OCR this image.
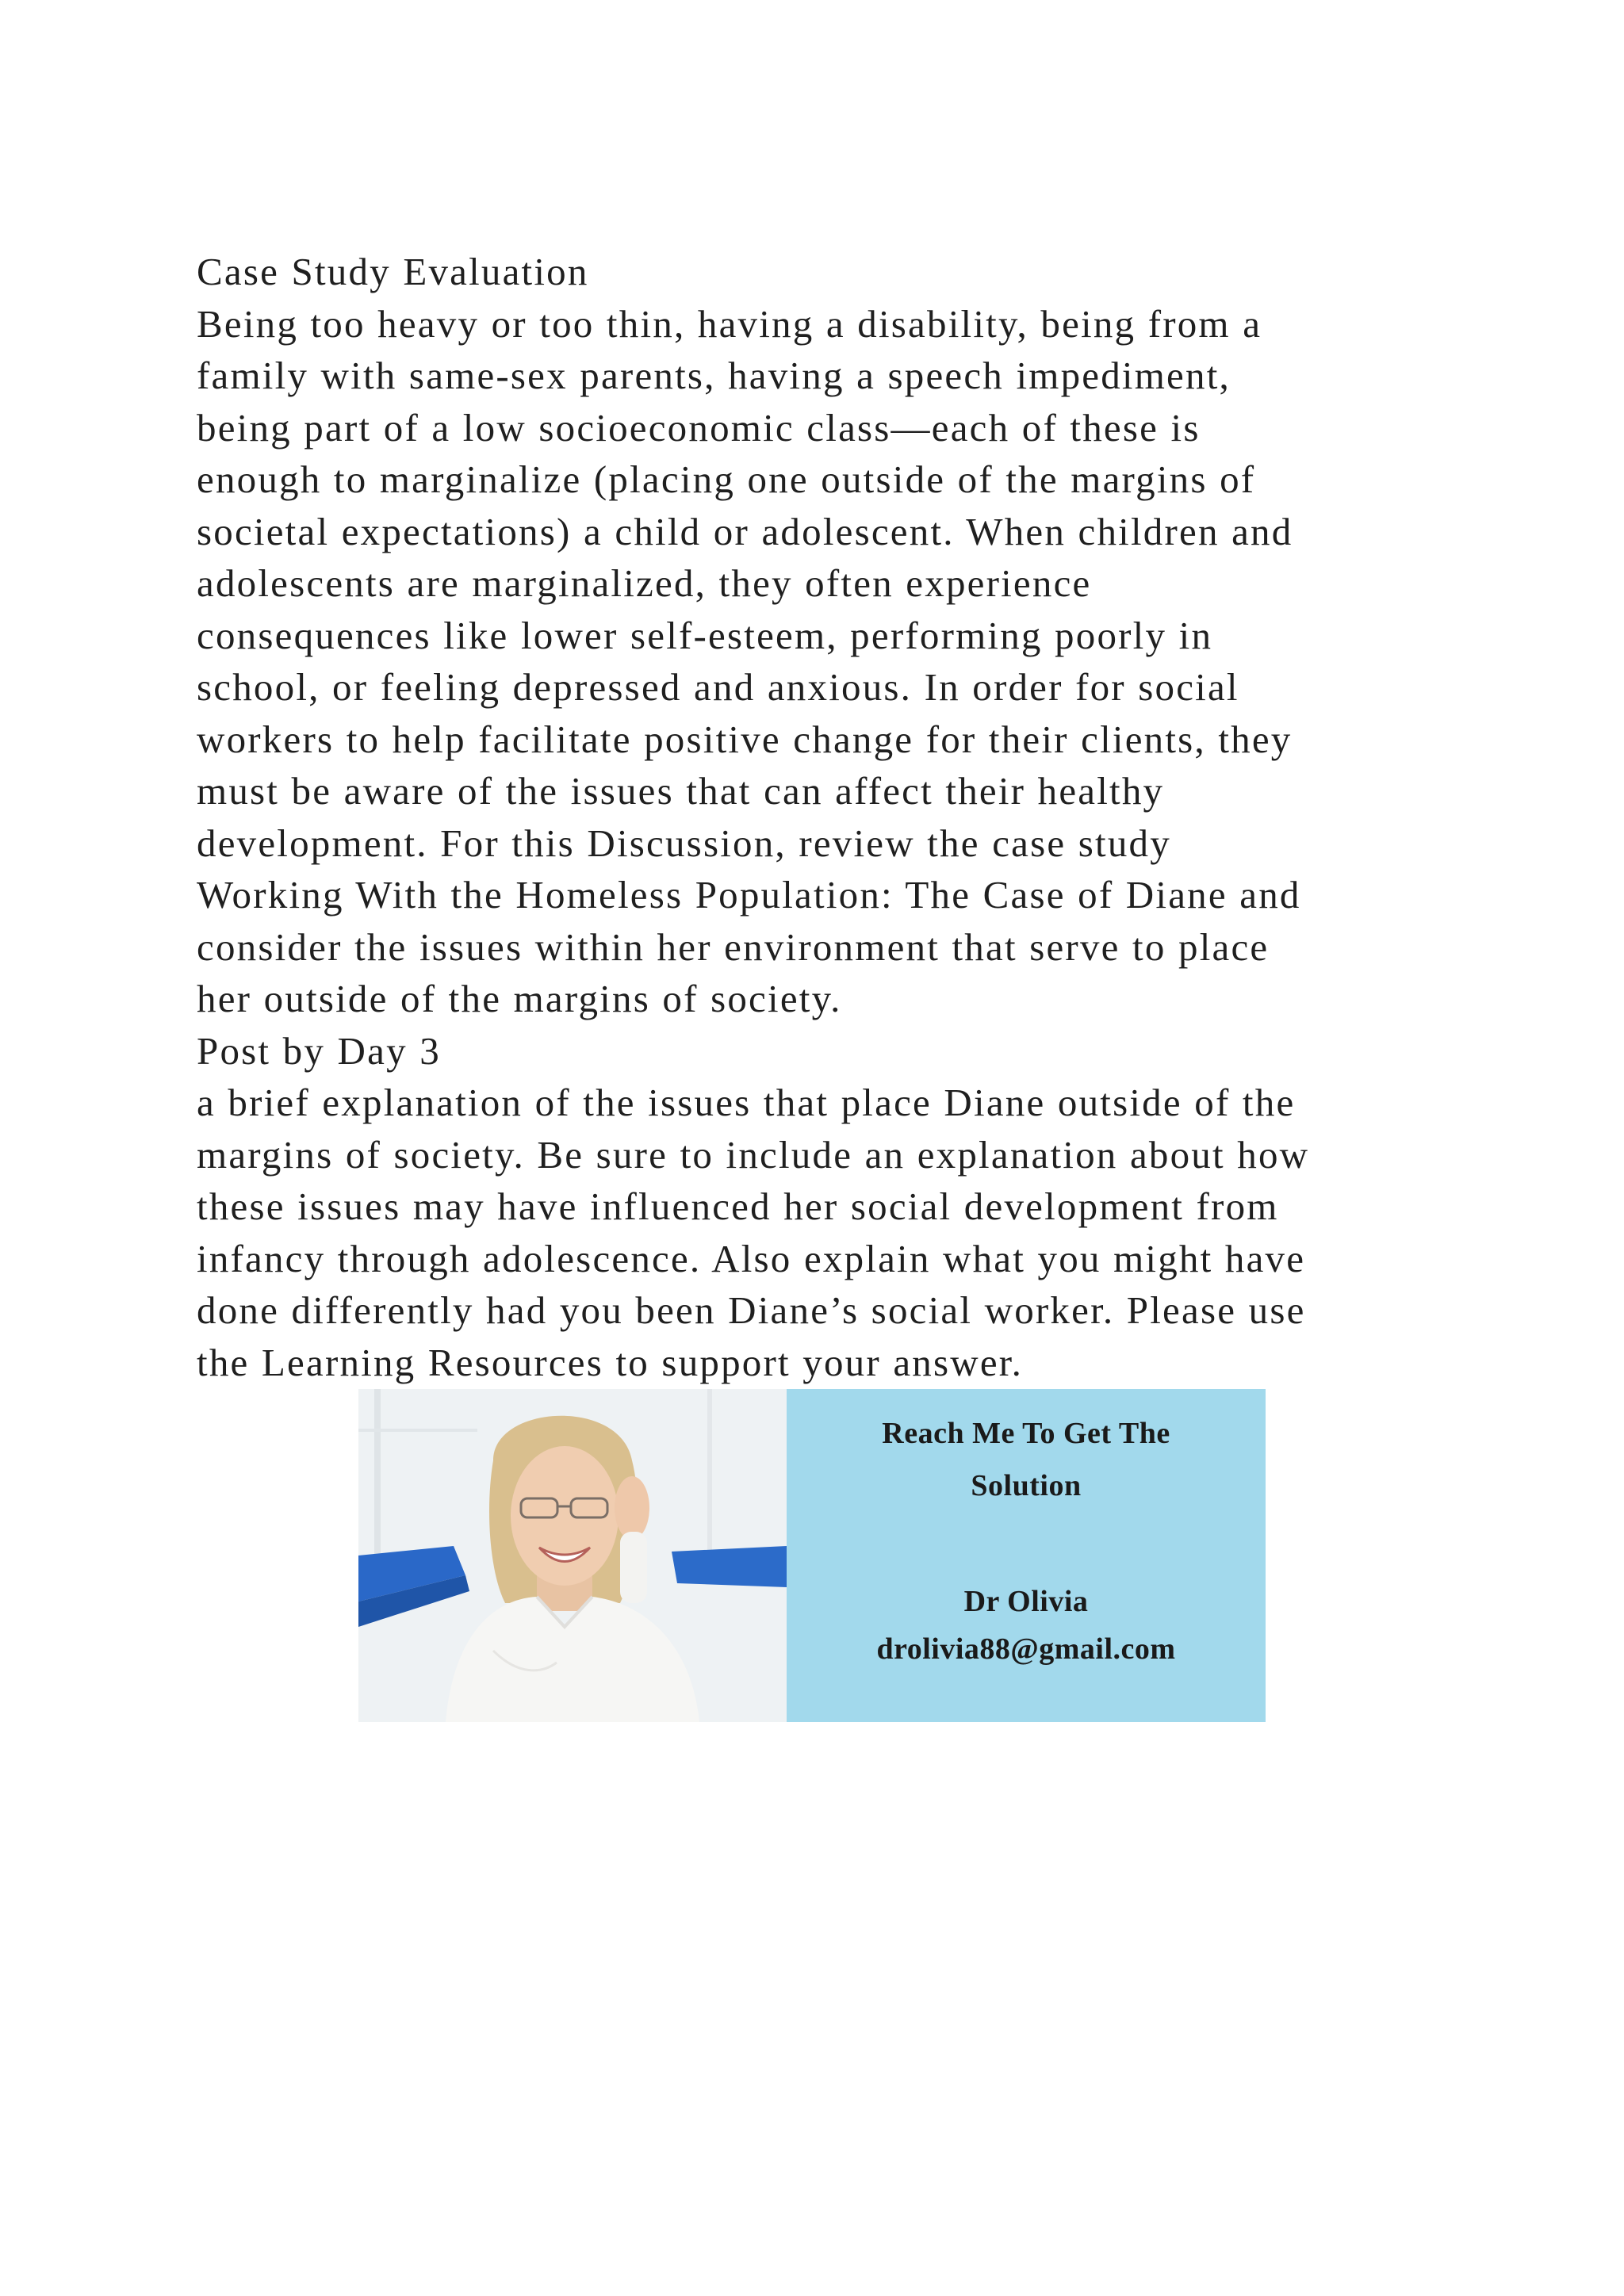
Case Study Evaluation
Being too heavy or too thin, having a disability, being from a
family with same-sex parents, having a speech impediment,
being part of a low socioeconomic class—each of these is
enough to marginalize (placing one outside of the margins of
societal expectations) a child or adolescent. When children and
adolescents are marginalized, they often experience
consequences like lower self-esteem, performing poorly in
school, or feeling depressed and anxious. In order for social
workers to help facilitate positive change for their clients, they
must be aware of the issues that can affect their healthy
development. For this Discussion, review the case study
Working With the Homeless Population: The Case of Diane and
consider the issues within her environment that serve to place
her outside of the margins of society.
Post by Day 3
a brief explanation of the issues that place Diane outside of the
margins of society. Be sure to include an explanation about how
these issues may have influenced her social development from
infancy through adolescence. Also explain what you might have
done differently had you been Diane’s social worker. Please use
the Learning Resources to support your answer.
Reach Me To Get The
Solution
Dr Olivia
drolivia88@gmail.com
